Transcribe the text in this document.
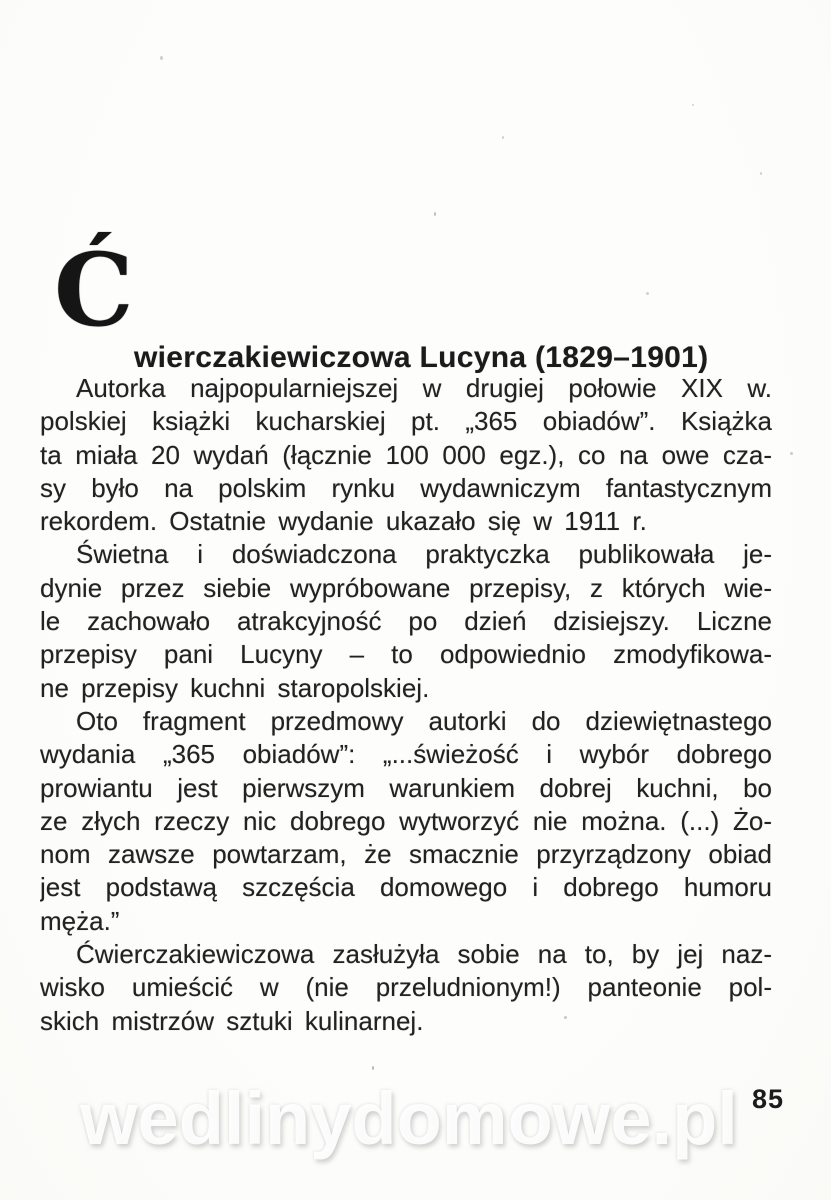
Ć
wierczakiewiczowa Lucyna (1829–1901)
Autorka najpopularniejszej w drugiej połowie XIX w.
polskiej książki kucharskiej pt. „365 obiadów”. Książka
ta miała 20 wydań (łącznie 100 000 egz.), co na owe cza-
sy było na polskim rynku wydawniczym fantastycznym
rekordem. Ostatnie wydanie ukazało się w 1911 r.
Świetna i doświadczona praktyczka publikowała je-
dynie przez siebie wypróbowane przepisy, z których wie-
le zachowało atrakcyjność po dzień dzisiejszy. Liczne
przepisy pani Lucyny – to odpowiednio zmodyfikowa-
ne przepisy kuchni staropolskiej.
Oto fragment przedmowy autorki do dziewiętnastego
wydania „365 obiadów”: „...świeżość i wybór dobrego
prowiantu jest pierwszym warunkiem dobrej kuchni, bo
ze złych rzeczy nic dobrego wytworzyć nie można. (...) Żo-
nom zawsze powtarzam, że smacznie przyrządzony obiad
jest podstawą szczęścia domowego i dobrego humoru
męża.”
Ćwierczakiewiczowa zasłużyła sobie na to, by jej naz-
wisko umieścić w (nie przeludnionym!) panteonie pol-
skich mistrzów sztuki kulinarnej.
85
wedlinydomowe.pl
